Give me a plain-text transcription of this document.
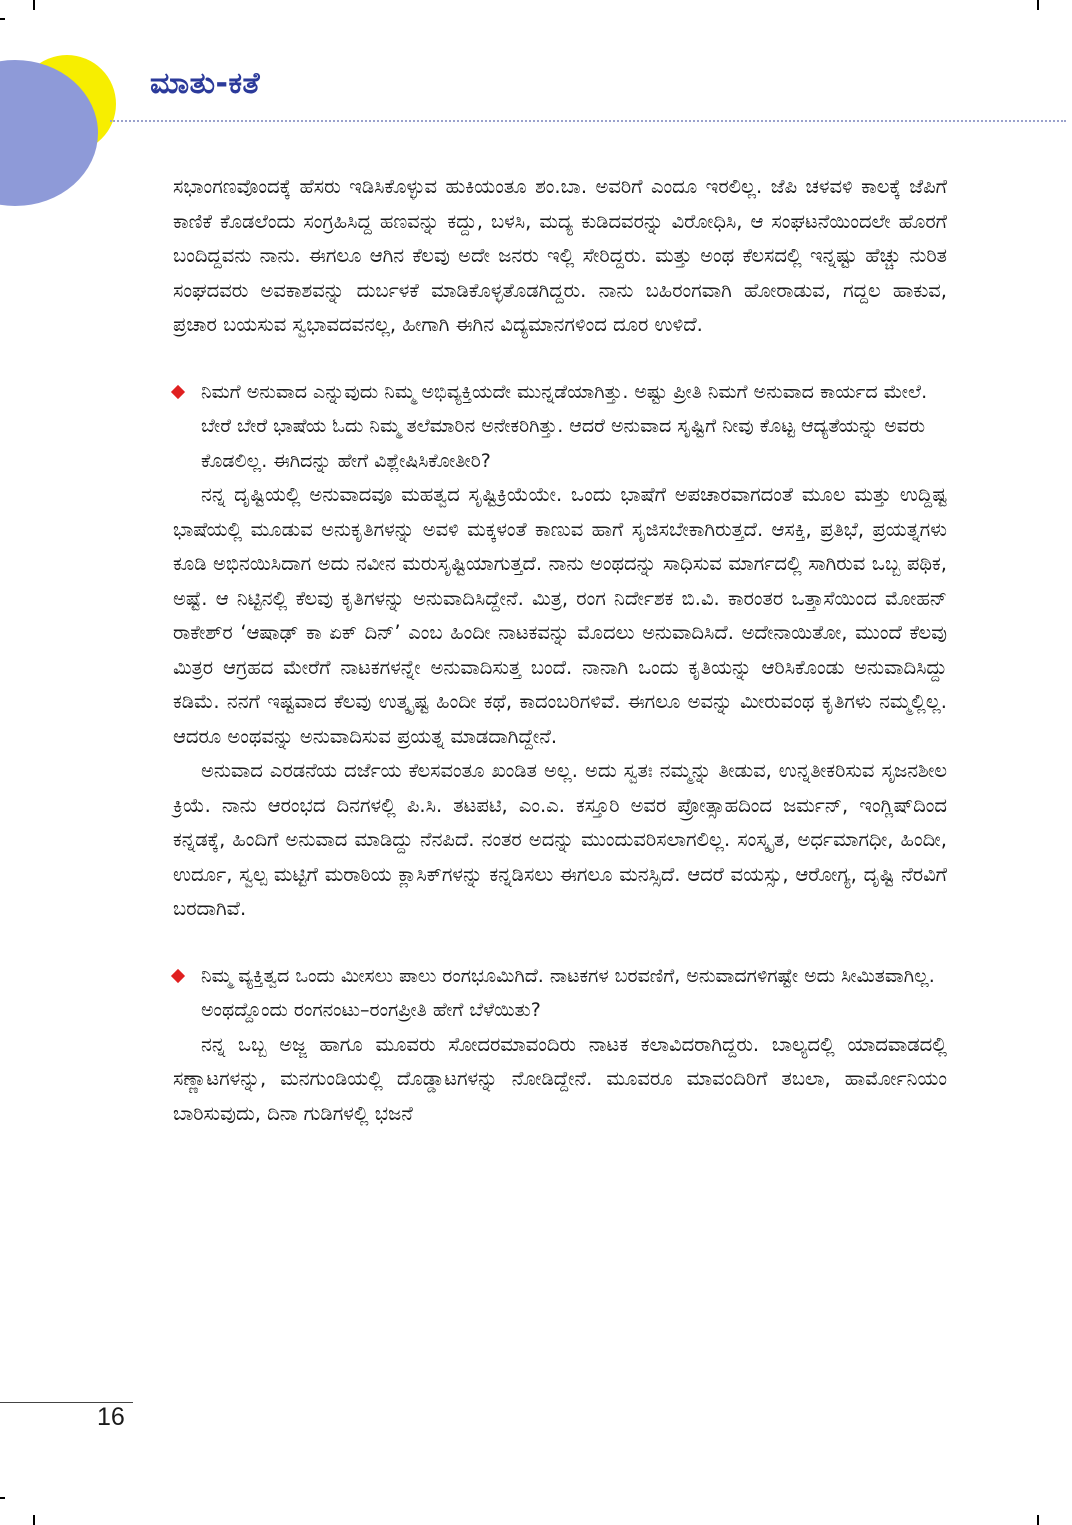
ಮಾತು-ಕತೆ

ಸಭಾಂಗಣವೊಂದಕ್ಕೆ ಹೆಸರು ಇಡಿಸಿಕೊಳ್ಳುವ ಹುಕಿಯಂತೂ ಶಂ.ಬಾ. ಅವರಿಗೆ ಎಂದೂ ಇರಲಿಲ್ಲ. ಜೆಪಿ ಚಳವಳಿ ಕಾಲಕ್ಕೆ ಜೆಪಿಗೆ ಕಾಣಿಕೆ ಕೊಡಲೆಂದು ಸಂಗ್ರಹಿಸಿದ್ದ ಹಣವನ್ನು ಕದ್ದು, ಬಳಸಿ, ಮದ್ಯ ಕುಡಿದವರನ್ನು ವಿರೋಧಿಸಿ, ಆ ಸಂಘಟನೆಯಿಂದಲೇ ಹೊರಗೆ ಬಂದಿದ್ದವನು ನಾನು. ಈಗಲೂ ಆಗಿನ ಕೆಲವು ಅದೇ ಜನರು ಇಲ್ಲಿ ಸೇರಿದ್ದರು. ಮತ್ತು ಅಂಥ ಕೆಲಸದಲ್ಲಿ ಇನ್ನಷ್ಟು ಹೆಚ್ಚು ನುರಿತ ಸಂಘದವರು ಅವಕಾಶವನ್ನು ದುರ್ಬಳಕೆ ಮಾಡಿಕೊಳ್ಳತೊಡಗಿದ್ದರು. ನಾನು ಬಹಿರಂಗವಾಗಿ ಹೋರಾಡುವ, ಗದ್ದಲ ಹಾಕುವ, ಪ್ರಚಾರ ಬಯಸುವ ಸ್ವಭಾವದವನಲ್ಲ, ಹೀಗಾಗಿ ಈಗಿನ ವಿದ್ಯಮಾನಗಳಿಂದ ದೂರ ಉಳಿದೆ.

ನಿಮಗೆ ಅನುವಾದ ಎನ್ನುವುದು ನಿಮ್ಮ ಅಭಿವ್ಯಕ್ತಿಯದೇ ಮುನ್ನಡೆಯಾಗಿತ್ತು. ಅಷ್ಟು ಪ್ರೀತಿ ನಿಮಗೆ ಅನುವಾದ ಕಾರ್ಯದ ಮೇಲೆ. ಬೇರೆ ಬೇರೆ ಭಾಷೆಯ ಓದು ನಿಮ್ಮ ತಲೆಮಾರಿನ ಅನೇಕರಿಗಿತ್ತು. ಆದರೆ ಅನುವಾದ ಸೃಷ್ಟಿಗೆ ನೀವು ಕೊಟ್ಟ ಆದ್ಯತೆಯನ್ನು ಅವರು ಕೊಡಲಿಲ್ಲ. ಈಗಿದನ್ನು ಹೇಗೆ ವಿಶ್ಲೇಷಿಸಿಕೋತೀರಿ?

ನನ್ನ ದೃಷ್ಟಿಯಲ್ಲಿ ಅನುವಾದವೂ ಮಹತ್ವದ ಸೃಷ್ಟಿಕ್ರಿಯೆಯೇ. ಒಂದು ಭಾಷೆಗೆ ಅಪಚಾರವಾಗದಂತೆ ಮೂಲ ಮತ್ತು ಉದ್ದಿಷ್ಟ ಭಾಷೆಯಲ್ಲಿ ಮೂಡುವ ಅನುಕೃತಿಗಳನ್ನು ಅವಳಿ ಮಕ್ಕಳಂತೆ ಕಾಣುವ ಹಾಗೆ ಸೃಜಿಸಬೇಕಾಗಿರುತ್ತದೆ. ಆಸಕ್ತಿ, ಪ್ರತಿಭೆ, ಪ್ರಯತ್ನಗಳು ಕೂಡಿ ಅಭಿನಯಿಸಿದಾಗ ಅದು ನವೀನ ಮರುಸೃಷ್ಟಿಯಾಗುತ್ತದೆ. ನಾನು ಅಂಥದನ್ನು ಸಾಧಿಸುವ ಮಾರ್ಗದಲ್ಲಿ ಸಾಗಿರುವ ಒಬ್ಬ ಪಥಿಕ, ಅಷ್ಟೆ. ಆ ನಿಟ್ಟಿನಲ್ಲಿ ಕೆಲವು ಕೃತಿಗಳನ್ನು ಅನುವಾದಿಸಿದ್ದೇನೆ. ಮಿತ್ರ, ರಂಗ ನಿರ್ದೇಶಕ ಬಿ.ವಿ. ಕಾರಂತರ ಒತ್ತಾಸೆಯಿಂದ ಮೋಹನ್ ರಾಕೇಶ್‌ರ ‘ಆಷಾಢ್ ಕಾ ಏಕ್ ದಿನ್’ ಎಂಬ ಹಿಂದೀ ನಾಟಕವನ್ನು ಮೊದಲು ಅನುವಾದಿಸಿದೆ. ಅದೇನಾಯಿತೋ, ಮುಂದೆ ಕೆಲವು ಮಿತ್ರರ ಆಗ್ರಹದ ಮೇರೆಗೆ ನಾಟಕಗಳನ್ನೇ ಅನುವಾದಿಸುತ್ತ ಬಂದೆ. ನಾನಾಗಿ ಒಂದು ಕೃತಿಯನ್ನು ಆರಿಸಿಕೊಂಡು ಅನುವಾದಿಸಿದ್ದು ಕಡಿಮೆ. ನನಗೆ ಇಷ್ಟವಾದ ಕೆಲವು ಉತ್ಕೃಷ್ಟ ಹಿಂದೀ ಕಥೆ, ಕಾದಂಬರಿಗಳಿವೆ. ಈಗಲೂ ಅವನ್ನು ಮೀರುವಂಥ ಕೃತಿಗಳು ನಮ್ಮಲ್ಲಿಲ್ಲ. ಆದರೂ ಅಂಥವನ್ನು ಅನುವಾದಿಸುವ ಪ್ರಯತ್ನ ಮಾಡದಾಗಿದ್ದೇನೆ.

ಅನುವಾದ ಎರಡನೆಯ ದರ್ಜೆಯ ಕೆಲಸವಂತೂ ಖಂಡಿತ ಅಲ್ಲ. ಅದು ಸ್ವತಃ ನಮ್ಮನ್ನು ತೀಡುವ, ಉನ್ನತೀಕರಿಸುವ ಸೃಜನಶೀಲ ಕ್ರಿಯೆ. ನಾನು ಆರಂಭದ ದಿನಗಳಲ್ಲಿ ಪಿ.ಸಿ. ತಟಪಟಿ, ಎಂ.ಎ. ಕಸ್ತೂರಿ ಅವರ ಪ್ರೋತ್ಸಾಹದಿಂದ ಜರ್ಮನ್, ಇಂಗ್ಲಿಷ್‌ದಿಂದ ಕನ್ನಡಕ್ಕೆ, ಹಿಂದಿಗೆ ಅನುವಾದ ಮಾಡಿದ್ದು ನೆನಪಿದೆ. ನಂತರ ಅದನ್ನು ಮುಂದುವರಿಸಲಾಗಲಿಲ್ಲ. ಸಂಸ್ಕೃತ, ಅರ್ಧಮಾಗಧೀ, ಹಿಂದೀ, ಉರ್ದೂ, ಸ್ವಲ್ಪ ಮಟ್ಟಿಗೆ ಮರಾಠಿಯ ಕ್ಲಾಸಿಕ್‌ಗಳನ್ನು ಕನ್ನಡಿಸಲು ಈಗಲೂ ಮನಸ್ಸಿದೆ. ಆದರೆ ವಯಸ್ಸು, ಆರೋಗ್ಯ, ದೃಷ್ಟಿ ನೆರವಿಗೆ ಬರದಾಗಿವೆ.

ನಿಮ್ಮ ವ್ಯಕ್ತಿತ್ವದ ಒಂದು ಮೀಸಲು ಪಾಲು ರಂಗಭೂಮಿಗಿದೆ. ನಾಟಕಗಳ ಬರವಣಿಗೆ, ಅನುವಾದಗಳಿಗಷ್ಟೇ ಅದು ಸೀಮಿತವಾಗಿಲ್ಲ. ಅಂಥದ್ದೊಂದು ರಂಗನಂಟು–ರಂಗಪ್ರೀತಿ ಹೇಗೆ ಬೆಳೆಯಿತು?

ನನ್ನ ಒಬ್ಬ ಅಜ್ಜ ಹಾಗೂ ಮೂವರು ಸೋದರಮಾವಂದಿರು ನಾಟಕ ಕಲಾವಿದರಾಗಿದ್ದರು. ಬಾಲ್ಯದಲ್ಲಿ ಯಾದವಾಡದಲ್ಲಿ ಸಣ್ಣಾಟಗಳನ್ನು, ಮನಗುಂಡಿಯಲ್ಲಿ ದೊಡ್ಡಾಟಗಳನ್ನು ನೋಡಿದ್ದೇನೆ. ಮೂವರೂ ಮಾವಂದಿರಿಗೆ ತಬಲಾ, ಹಾರ್ಮೋನಿಯಂ ಬಾರಿಸುವುದು, ದಿನಾ ಗುಡಿಗಳಲ್ಲಿ ಭಜನೆ

16
